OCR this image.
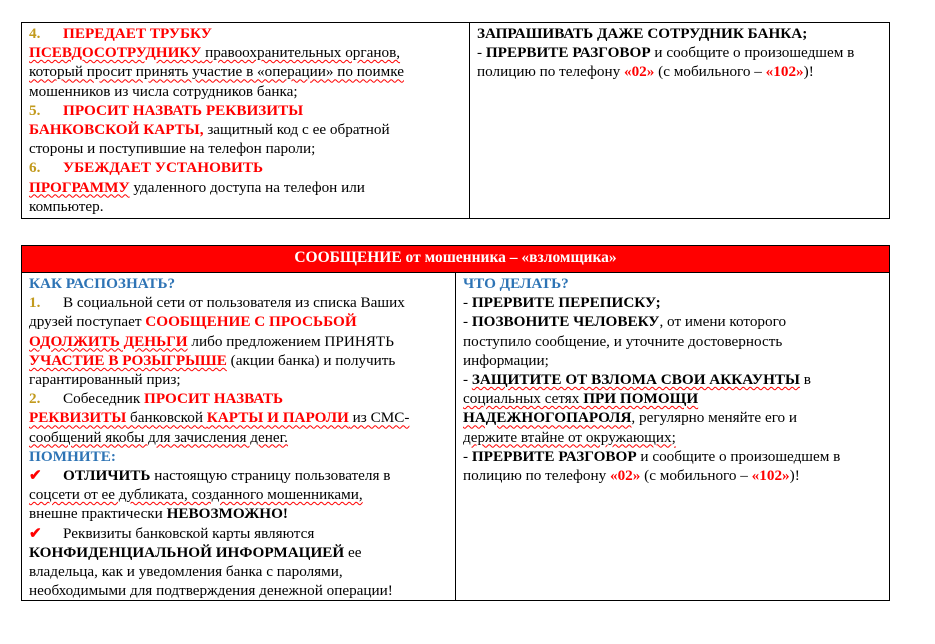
4. ПЕРЕДАЕТ ТРУБКУ
ПСЕВДОСОТРУДНИКУ правоохранительных органов,
который просит принять участие в «операции» по поимке
мошенников из числа сотрудников банка;
5. ПРОСИТ НАЗВАТЬ РЕКВИЗИТЫ
БАНКОВСКОЙ КАРТЫ, защитный код с ее обратной
стороны и поступившие на телефон пароли;
6. УБЕЖДАЕТ УСТАНОВИТЬ
ПРОГРАММУ удаленного доступа на телефон или
компьютер.

ЗАПРАШИВАТЬ ДАЖЕ СОТРУДНИК БАНКА;
- ПРЕРВИТЕ РАЗГОВОР и сообщите о произошедшем в
полицию по телефону «02» (с мобильного – «102»)!
СООБЩЕНИЕ от мошенника – «взломщика»

КАК РАСПОЗНАТЬ?
1. В социальной сети от пользователя из списка Ваших
друзей поступает СООБЩЕНИЕ С ПРОСЬБОЙ
ОДОЛЖИТЬ ДЕНЬГИ либо предложением ПРИНЯТЬ
УЧАСТИЕ В РОЗЫГРЫШЕ (акции банка) и получить
гарантированный приз;
2. Собеседник ПРОСИТ НАЗВАТЬ
РЕКВИЗИТЫ банковской КАРТЫ И ПАРОЛИ из СМС-
сообщений якобы для зачисления денег.
ПОМНИТЕ:
✔ ОТЛИЧИТЬ настоящую страницу пользователя в
соцсети от ее дубликата, созданного мошенниками,
внешне практически НЕВОЗМОЖНО!
✔ Реквизиты банковской карты являются
КОНФИДЕНЦИАЛЬНОЙ ИНФОРМАЦИЕЙ ее
владельца, как и уведомления банка с паролями,
необходимыми для подтверждения денежной операции!

ЧТО ДЕЛАТЬ?
- ПРЕРВИТЕ ПЕРЕПИСКУ;
- ПОЗВОНИТЕ ЧЕЛОВЕКУ, от имени которого
поступило сообщение, и уточните достоверность
информации;
- ЗАЩИТИТЕ ОТ ВЗЛОМА СВОИ АККАУНТЫ в
социальных сетях ПРИ ПОМОЩИ
НАДЕЖНОГОПАРОЛЯ, регулярно меняйте его и
держите втайне от окружающих;
- ПРЕРВИТЕ РАЗГОВОР и сообщите о произошедшем в
полицию по телефону «02» (с мобильного – «102»)!
